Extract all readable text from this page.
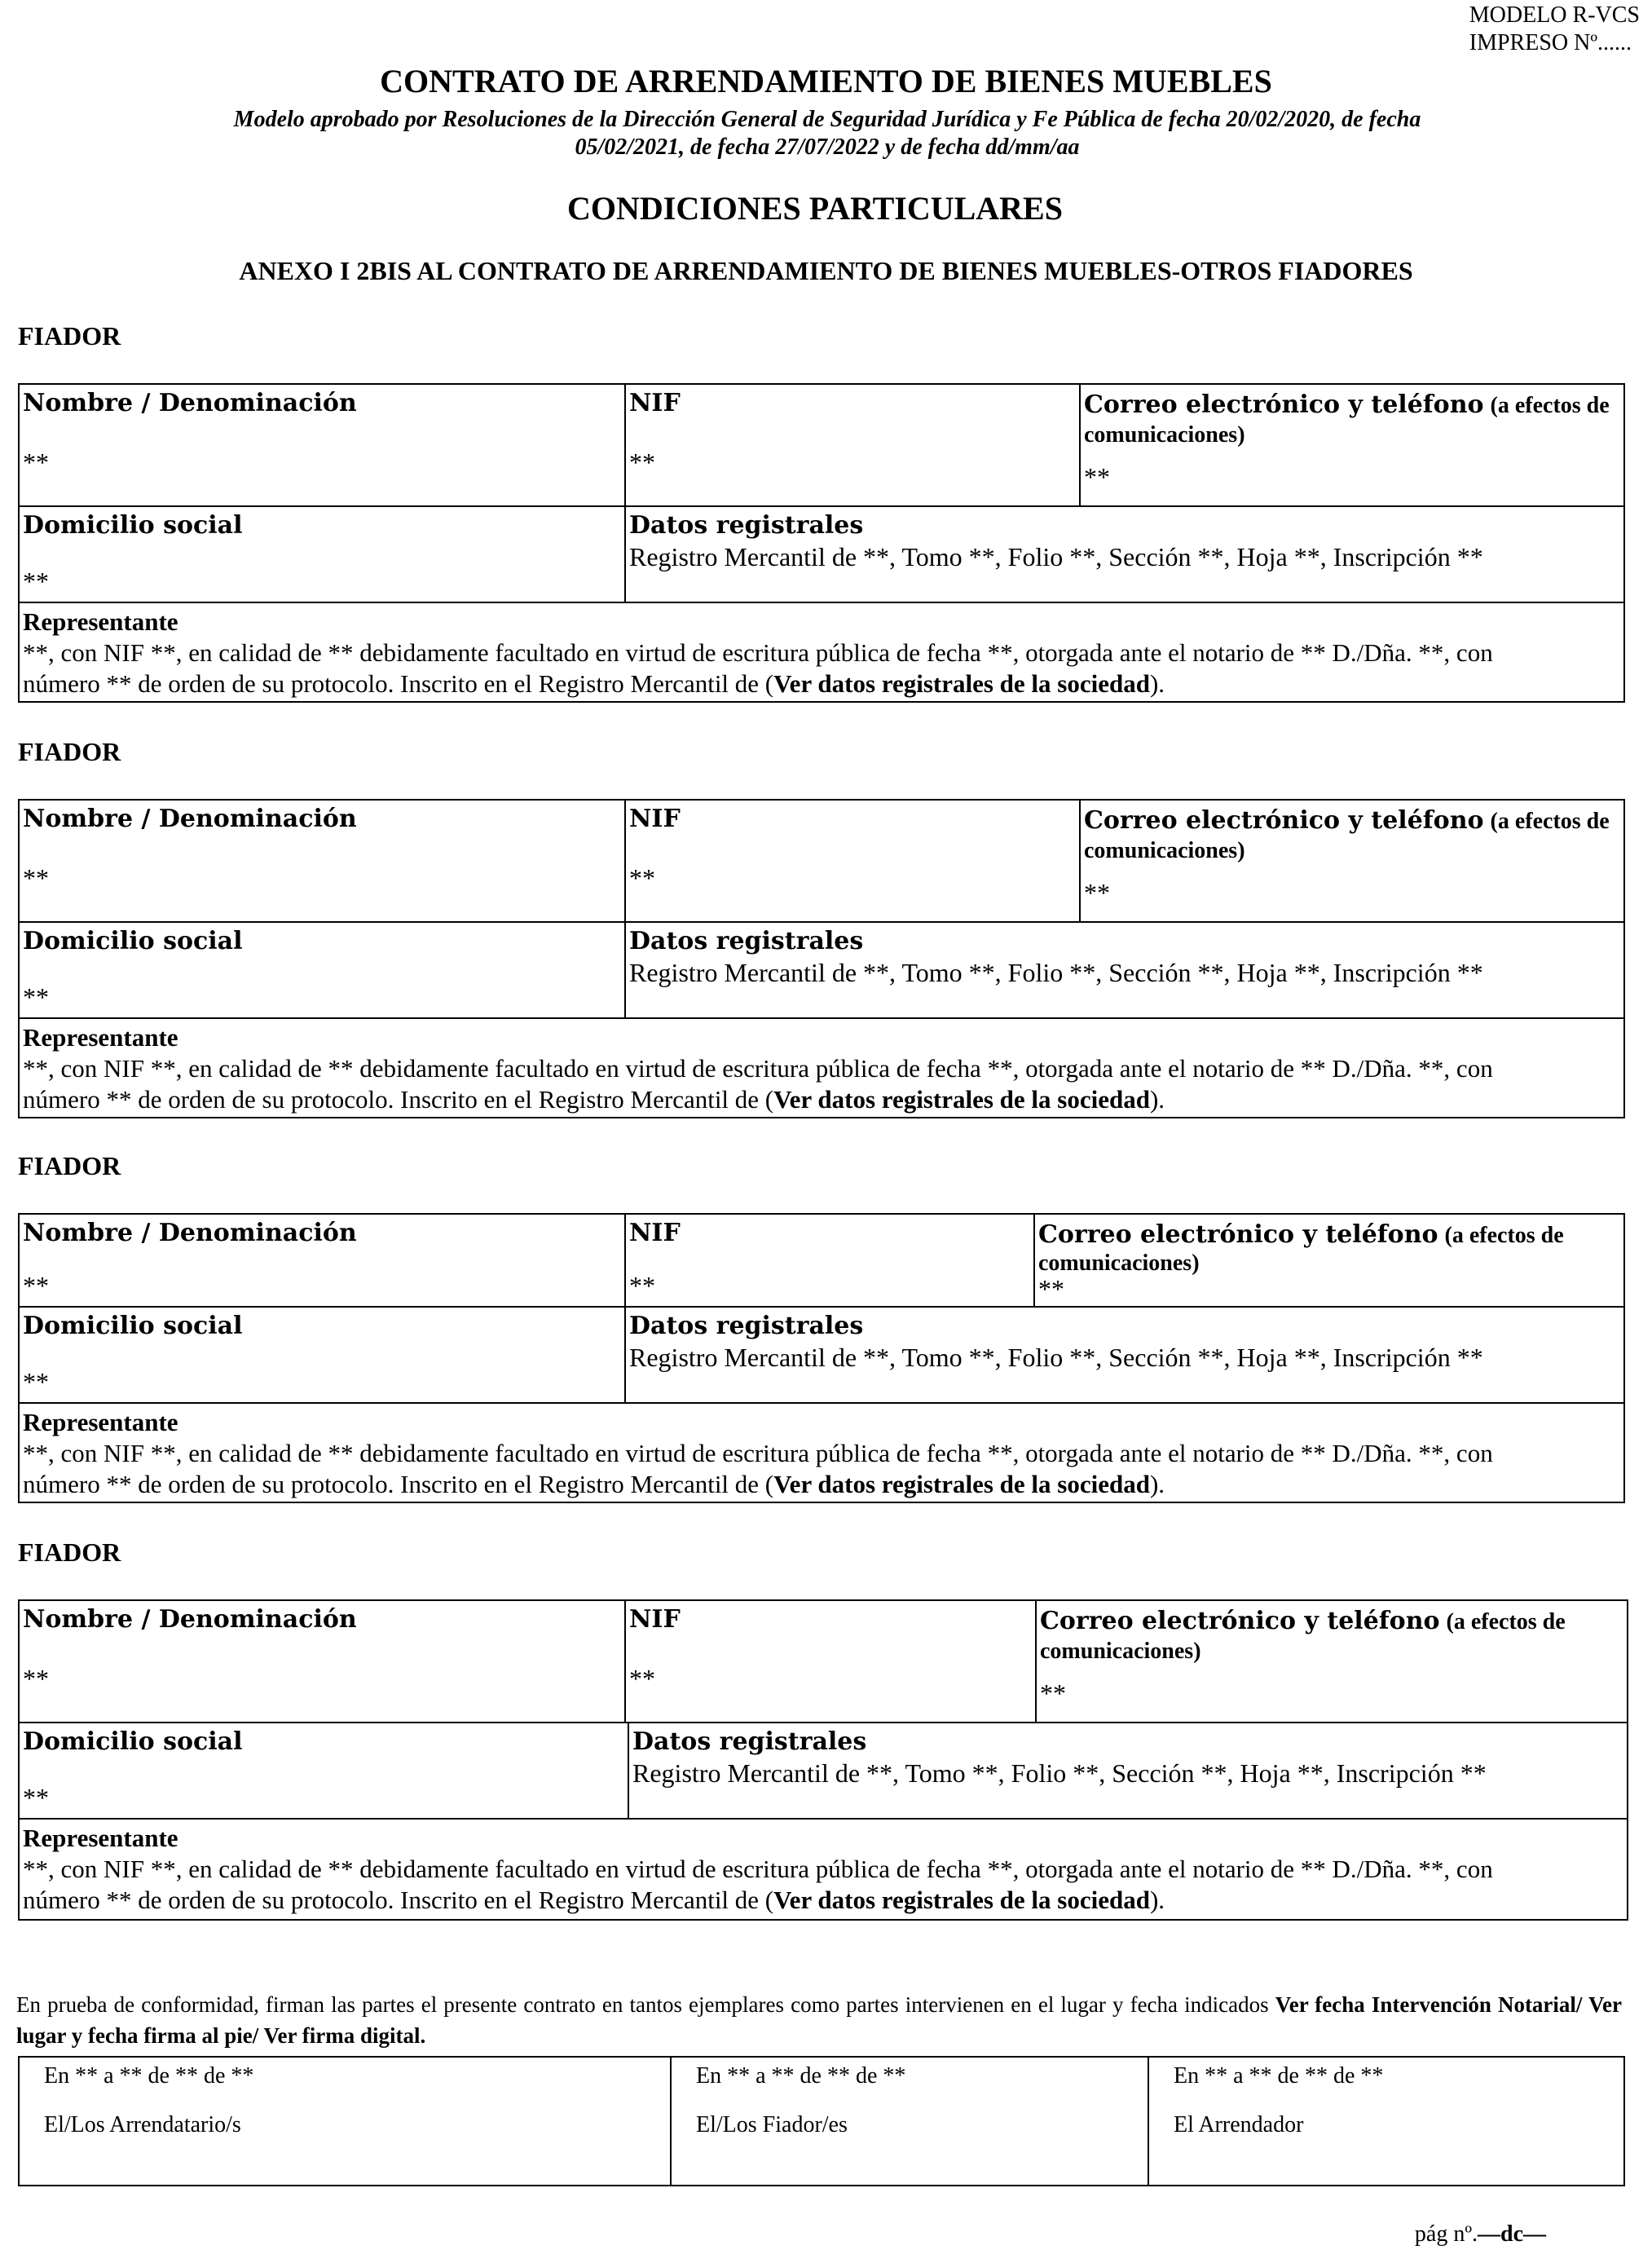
MODELO R-VCS
IMPRESO Nº......
CONTRATO DE ARRENDAMIENTO DE BIENES MUEBLES
Modelo aprobado por Resoluciones de la Dirección General de Seguridad Jurídica y Fe Pública de fecha 20/02/2020, de fecha
05/02/2021, de fecha 27/07/2022 y de fecha dd/mm/aa
CONDICIONES PARTICULARES
ANEXO I 2BIS AL CONTRATO DE ARRENDAMIENTO DE BIENES MUEBLES-OTROS FIADORES
FIADOR
Nombre / Denominación
**
NIF
**
Correo electrónico y teléfono (a efectos de
comunicaciones)
**
Domicilio social
**
Datos registrales
Registro Mercantil de **, Tomo **, Folio **, Sección **, Hoja **, Inscripción **
Representante
**, con NIF **, en calidad de ** debidamente facultado en virtud de escritura pública de fecha **, otorgada ante el notario de ** D./Dña. **, con
número ** de orden de su protocolo. Inscrito en el Registro Mercantil de (Ver datos registrales de la sociedad).
FIADOR
Nombre / Denominación
**
NIF
**
Correo electrónico y teléfono (a efectos de
comunicaciones)
**
Domicilio social
**
Datos registrales
Registro Mercantil de **, Tomo **, Folio **, Sección **, Hoja **, Inscripción **
Representante
**, con NIF **, en calidad de ** debidamente facultado en virtud de escritura pública de fecha **, otorgada ante el notario de ** D./Dña. **, con
número ** de orden de su protocolo. Inscrito en el Registro Mercantil de (Ver datos registrales de la sociedad).
FIADOR
Nombre / Denominación
**
NIF
**
Correo electrónico y teléfono (a efectos de
comunicaciones)
**
Domicilio social
**
Datos registrales
Registro Mercantil de **, Tomo **, Folio **, Sección **, Hoja **, Inscripción **
Representante
**, con NIF **, en calidad de ** debidamente facultado en virtud de escritura pública de fecha **, otorgada ante el notario de ** D./Dña. **, con
número ** de orden de su protocolo. Inscrito en el Registro Mercantil de (Ver datos registrales de la sociedad).
FIADOR
Nombre / Denominación
**
NIF
**
Correo electrónico y teléfono (a efectos de
comunicaciones)
**
Domicilio social
**
Datos registrales
Registro Mercantil de **, Tomo **, Folio **, Sección **, Hoja **, Inscripción **
Representante
**, con NIF **, en calidad de ** debidamente facultado en virtud de escritura pública de fecha **, otorgada ante el notario de ** D./Dña. **, con
número ** de orden de su protocolo. Inscrito en el Registro Mercantil de (Ver datos registrales de la sociedad).
En prueba de conformidad, firman las partes el presente contrato en tantos ejemplares como partes intervienen en el lugar y fecha indicados Ver fecha Intervención Notarial/ Ver lugar y fecha firma al pie/ Ver firma digital.
En ** a ** de ** de **
El/Los Arrendatario/s
En ** a ** de ** de **
El/Los Fiador/es
En ** a ** de ** de **
El Arrendador
pág nº.—dc—
